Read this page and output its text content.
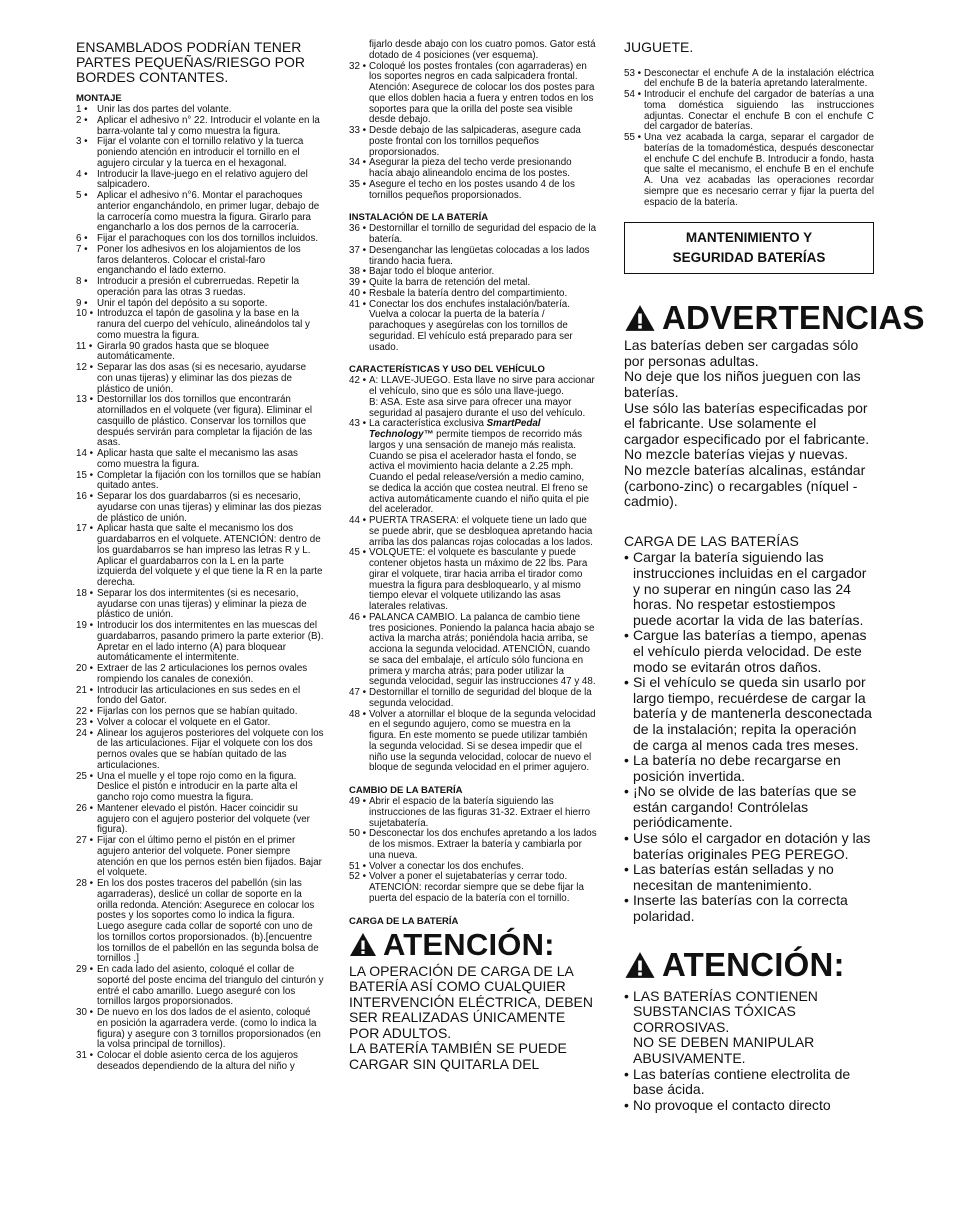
ENSAMBLADOS PODRÍAN TENER PARTES PEQUEÑAS/RIESGO POR BORDES CONTANTES.

MONTAJE
1 • Unir las dos partes del volante.
2 • Aplicar el adhesivo n° 22. Introducir el volante en la barra-volante tal y como muestra la figura.
3 • Fijar el volante con el tornillo relativo y la tuerca poniendo atención en introducir el tornillo en el agujero circular y la tuerca en el hexagonal.
4 • Introducir la llave-juego en el relativo agujero del salpicadero.
5 • Aplicar el adhesivo n°6. Montar el parachoques anterior enganchándolo, en primer lugar, debajo de la carrocería como muestra la figura. Girarlo para engancharlo a los dos pernos de la carrocería.
6 • Fijar el parachoques con los dos tornillos incluidos.
7 • Poner los adhesivos en los alojamientos de los faros delanteros. Colocar el cristal-faro enganchando el lado externo.
8 • Introducir a presión el cubrerruedas. Repetir la operación para las otras 3 ruedas.
9 • Unir el tapón del depósito a su soporte.
10 • Introduzca el tapón de gasolina y la base en la ranura del cuerpo del vehículo, alineándolos tal y como muestra la figura.
11 • Girarla 90 grados hasta que se bloquee automáticamente.
12 • Separar las dos asas (si es necesario, ayudarse con unas tijeras) y eliminar las dos piezas de plástico de unión.
13 • Destornillar los dos tornillos que encontrarán atornillados en el volquete (ver figura). Eliminar el casquillo de plástico. Conservar los tornillos que después servirán para completar la fijación de las asas.
14 • Aplicar hasta que salte el mecanismo las asas como muestra la figura.
15 • Completar la fijación con los tornillos que se habían quitado antes.
16 • Separar los dos guardabarros (si es necesario, ayudarse con unas tijeras) y eliminar las dos piezas de plástico de unión.
17 • Aplicar hasta que salte el mecanismo los dos guardabarros en el volquete. ATENCIÓN: dentro de los guardabarros se han impreso las letras R y L. Aplicar el guardabarros con la L en la parte izquierda del volquete y el que tiene la R en la parte derecha.
18 • Separar los dos intermitentes (si es necesario, ayudarse con unas tijeras) y eliminar la pieza de plástico de unión.
19 • Introducir los dos intermitentes en las muescas del guardabarros, pasando primero la parte exterior (B). Apretar en el lado interno (A) para bloquear automáticamente el intermitente.
20 • Extraer de las 2 articulaciones los pernos ovales rompiendo los canales de conexión.
21 • Introducir las articulaciones en sus sedes en el fondo del Gator.
22 • Fijarlas con los pernos que se habían quitado.
23 • Volver a colocar el volquete en el Gator.
24 • Alinear los agujeros posteriores del volquete con los de las articulaciones. Fijar el volquete con los dos pernos ovales que se habían quitado de las articulaciones.
25 • Una el muelle y el tope rojo como en la figura. Deslice el pistón e introducir en la parte alta el gancho rojo como muestra la figura.
26 • Mantener elevado el pistón. Hacer coincidir su agujero con el agujero posterior del volquete (ver figura).
27 • Fijar con el último perno el pistón en el primer agujero anterior del volquete. Poner siempre atención en que los pernos estén bien fijados. Bajar el volquete.
28 • En los dos postes traceros del pabellón (sin las agarraderas), deslicé un collar de soporte en la orilla redonda. Atención: Asegurece en colocar los postes y los soportes como lo indica la figura. Luego asegure cada collar de soporté con uno de los tornillos cortos proporsionados. (b).[encuentre los tornillos de el pabellón en las segunda bolsa de tornillos .]
29 • En cada lado del asiento, coloqué el collar de soporté del poste encima del triangulo del cinturón y entré el cabo amarillo. Luego aseguré con los tornillos largos proporsionados.
30 • De nuevo en los dos lados de el asiento, coloqué en posición la agarradera verde. (como lo indica la figura) y asegure con 3 tornillos proporsionados (en la volsa principal de tornillos).
31 • Colocar el doble asiento cerca de los agujeros deseados dependiendo de la altura del niño y
fijarlo desde abajo con los cuatro pomos. Gator está dotado de 4 posiciones (ver esquema).
32 • Coloqué los postes frontales (con agarraderas) en los soportes negros en cada salpicadera frontal. Atención: Asegurece de colocar los dos postes para que ellos doblen hacia a fuera y entren todos en los soportes para que la orilla del poste sea visible desde debajo.
33 • Desde debajo de las salpicaderas, asegure cada poste frontal con los tornillos pequeños proporsionados.
34 • Asegurar la pieza del techo verde presionando hacía abajo alineandolo encima de los postes.
35 • Asegure el techo en los postes usando 4 de los tornillos pequeños proporsionados.
INSTALACIÓN DE LA BATERÍA
36 • Destornillar el tornillo de seguridad del espacio de la batería.
37 • Desenganchar las lengüetas colocadas a los lados tirando hacia fuera.
38 • Bajar todo el bloque anterior.
39 • Quite la barra de retención del metal.
40 • Resbale la batería dentro del compartimiento.
41 • Conectar los dos enchufes instalación/batería. Vuelva a colocar la puerta de la batería / parachoques y asegúrelas con los tornillos de seguridad. El vehículo está preparado para ser usado.
CARACTERÍSTICAS Y USO DEL VEHÍCULO
42 • A: LLAVE-JUEGO. Esta llave no sirve para accionar el vehículo, sino que es sólo una llave-juego.
B: ASA. Este asa sirve para ofrecer una mayor seguridad al pasajero durante el uso del vehículo.
43 • La característica exclusiva SmartPedal Technology™ permite tiempos de recorrido más largos y una sensación de manejo más realista. Cuando se pisa el acelerador hasta el fondo, se activa el movimiento hacia delante a 2.25 mph. Cuando el pedal release/versión a medio camino, se dedica la acción que costea neutral. El freno se activa automáticamente cuando el niño quita el pie del acelerador.
44 • PUERTA TRASERA: el volquete tiene un lado que se puede abrir, que se desbloquea apretando hacia arriba las dos palancas rojas colocadas a los lados.
45 • VOLQUETE: el volquete es basculante y puede contener objetos hasta un máximo de 22 lbs. Para girar el volquete, tirar hacia arriba el tirador como muestra la figura para desbloquearlo, y al mismo tiempo elevar el volquete utilizando las asas laterales relativas.
46 • PALANCA CAMBIO. La palanca de cambio tiene tres posiciones. Poniendo la palanca hacia abajo se activa la marcha atrás; poniéndola hacia arriba, se acciona la segunda velocidad. ATENCIÓN, cuando se saca del embalaje, el artículo sólo funciona en primera y marcha atrás; para poder utilizar la segunda velocidad, seguir las instrucciones 47 y 48.
47 • Destornillar el tornillo de seguridad del bloque de la segunda velocidad.
48 • Volver a atornillar el bloque de la segunda velocidad en el segundo agujero, como se muestra en la figura. En este momento se puede utilizar también la segunda velocidad. Si se desea impedir que el niño use la segunda velocidad, colocar de nuevo el bloque de segunda velocidad en el primer agujero.
CAMBIO DE LA BATERÍA
49 • Abrir el espacio de la batería siguiendo las instrucciones de las figuras 31-32. Extraer el hierro sujetabatería.
50 • Desconectar los dos enchufes apretando a los lados de los mismos. Extraer la batería y cambiarla por una nueva.
51 • Volver a conectar los dos enchufes.
52 • Volver a poner el sujetabaterías y cerrar todo. ATENCIÓN: recordar siempre que se debe fijar la puerta del espacio de la batería con el tornillo.
CARGA DE LA BATERÍA
ATENCIÓN:

LA OPERACIÓN DE CARGA DE LA BATERÍA ASÍ COMO CUALQUIER INTERVENCIÓN ELÉCTRICA, DEBEN SER REALIZADAS ÚNICAMENTE POR ADULTOS.
LA BATERÍA TAMBIÉN SE PUEDE CARGAR SIN QUITARLA DEL

JUGUETE.

53 • Desconectar el enchufe A de la instalación eléctrica del enchufe B de la batería apretando lateralmente.
54 • Introducir el enchufe del cargador de baterías a una toma doméstica siguiendo las instrucciones adjuntas. Conectar el enchufe B con el enchufe C del cargador de baterías.
55 • Una vez acabada la carga, separar el cargador de baterías de la tomadoméstica, después desconectar el enchufe C del enchufe B. Introducir a fondo, hasta que salte el mecanismo, el enchufe B en el enchufe A. Una vez acabadas las operaciones recordar siempre que es necesario cerrar y fijar la puerta del espacio de la batería.
MANTENIMIENTO Y
SEGURIDAD BATERÍAS
ADVERTENCIAS

Las baterías deben ser cargadas sólo por personas adultas.

No deje que los niños jueguen con las baterías.

Use sólo las baterías especificadas por el fabricante. Use solamente el cargador especificado por el fabricante.

No mezcle baterías viejas y nuevas.

No mezcle baterías alcalinas, estándar (carbono-zinc) o recargables (níquel - cadmio).

CARGA DE LAS BATERÍAS
• Cargar la batería siguiendo las instrucciones incluidas en el cargador y no superar en ningún caso las 24 horas. No respetar estostiempos puede acortar la vida de las baterías.
• Cargue las baterías a tiempo, apenas el vehículo pierda velocidad. De este modo se evitarán otros daños.
• Si el vehículo se queda sin usarlo por largo tiempo, recuérdese de cargar la batería y de mantenerla desconectada de la instalación; repita la operación de carga al menos cada tres meses.
• La batería no debe recargarse en posición invertida.
• ¡No se olvide de las baterías que se están cargando! Contrólelas periódicamente.
• Use sólo el cargador en dotación y las baterías originales PEG PEREGO.
• Las baterías están selladas y no necesitan de mantenimiento.
• Inserte las baterías con la correcta polaridad.
ATENCIÓN:
• LAS BATERÍAS CONTIENEN SUBSTANCIAS TÓXICAS CORROSIVAS.
NO SE DEBEN MANIPULAR ABUSIVAMENTE.
• Las baterías contiene electrolita de base ácida.
• No provoque el contacto directo
